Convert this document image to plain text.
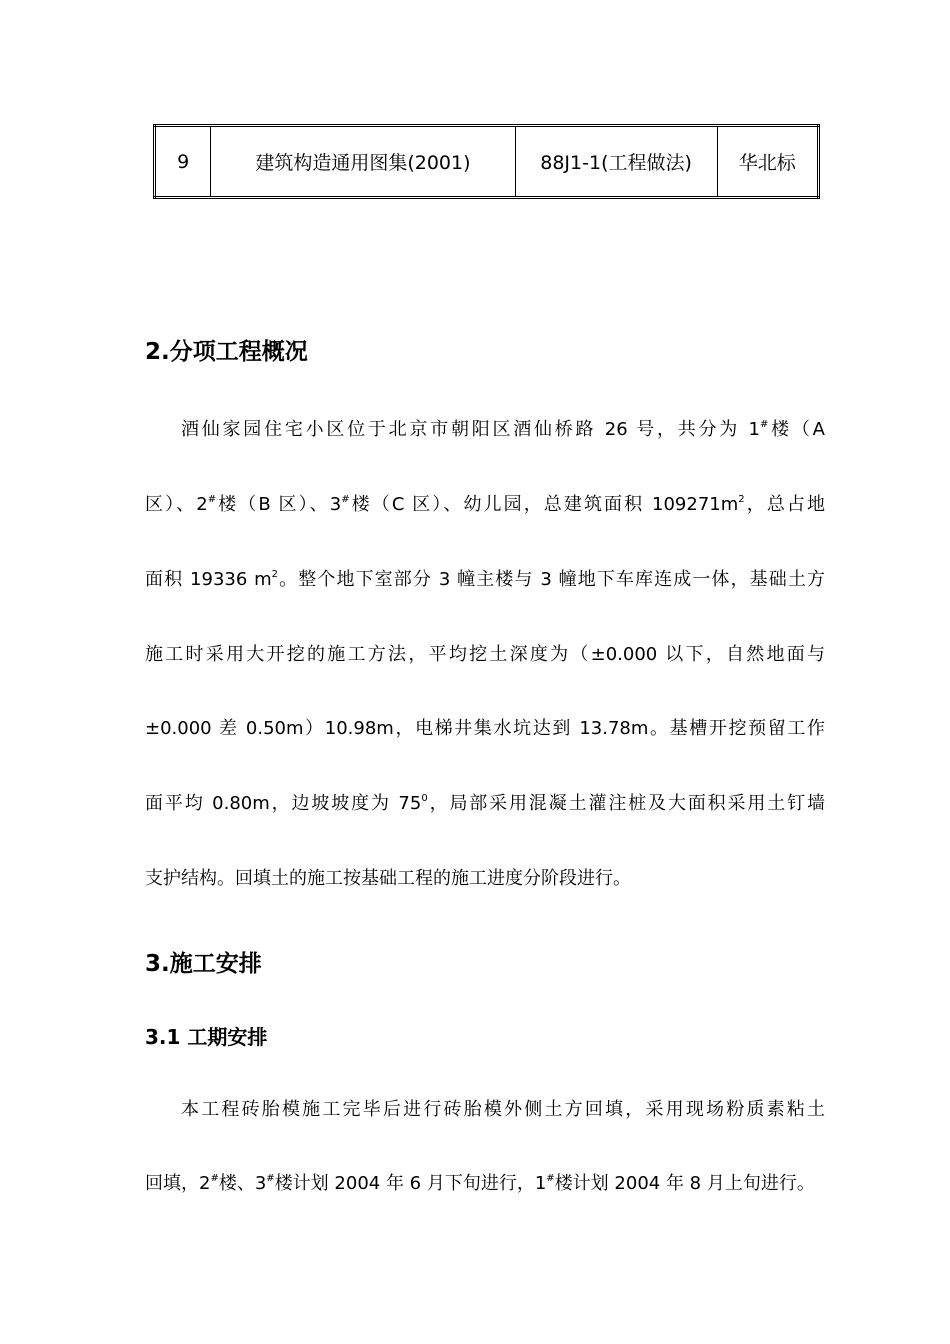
9	建筑构造通用图集(2001)	88J1-1(工程做法)	华北标
2.分项工程概况
酒仙家园住宅小区位于北京市朝阳区酒仙桥路 26 号，共分为 1#楼（A
区）、2#楼（B 区）、3#楼（C 区）、幼儿园，总建筑面积 $109271m^2$，总占地
面积 19336 $m^2$。整个地下室部分 3 幢主楼与 3 幢地下车库连成一体，基础土方
施工时采用大开挖的施工方法，平均挖土深度为（±0.000 以下，自然地面与
±0.000 差 0.50m）10.98m，电梯井集水坑达到 13.78m。基槽开挖预留工作
面平均 0.80m，边坡坡度为 $75^0$，局部采用混凝土灌注桩及大面积采用土钉墙
支护结构。回填土的施工按基础工程的施工进度分阶段进行。
3.施工安排
3.1 工期安排
本工程砖胎模施工完毕后进行砖胎模外侧土方回填，采用现场粉质素粘土
回填，2#楼、3#楼计划 2004 年 6 月下旬进行，1#楼计划 2004 年 8 月上旬进行。
